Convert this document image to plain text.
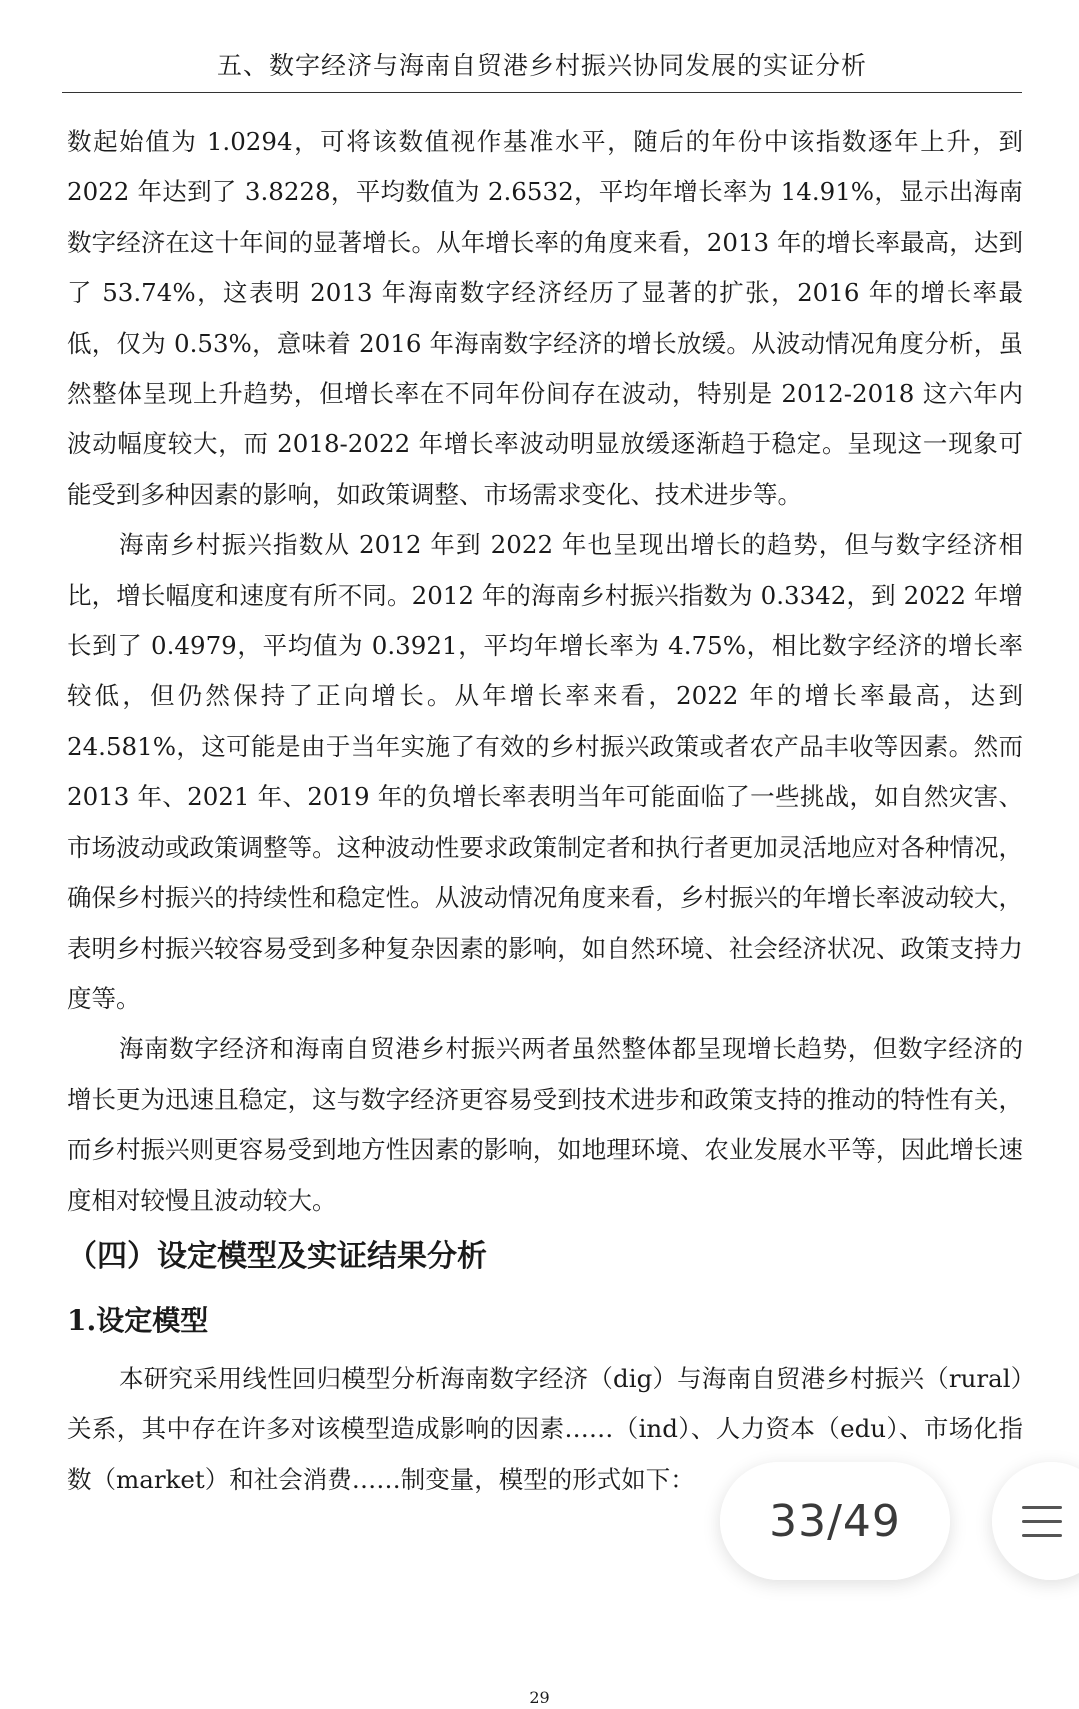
五、数字经济与海南自贸港乡村振兴协同发展的实证分析

数起始值为 1.0294，可将该数值视作基准水平，随后的年份中该指数逐年上升，到 2022 年达到了 3.8228，平均数值为 2.6532，平均年增长率为 14.91%，显示出海南数字经济在这十年间的显著增长。从年增长率的角度来看，2013 年的增长率最高，达到了 53.74%，这表明 2013 年海南数字经济经历了显著的扩张，2016 年的增长率最低，仅为 0.53%，意味着 2016 年海南数字经济的增长放缓。从波动情况角度分析，虽然整体呈现上升趋势，但增长率在不同年份间存在波动，特别是 2012-2018 这六年内波动幅度较大，而 2018-2022 年增长率波动明显放缓逐渐趋于稳定。呈现这一现象可能受到多种因素的影响，如政策调整、市场需求变化、技术进步等。

海南乡村振兴指数从 2012 年到 2022 年也呈现出增长的趋势，但与数字经济相比，增长幅度和速度有所不同。2012 年的海南乡村振兴指数为 0.3342，到 2022 年增长到了 0.4979，平均值为 0.3921，平均年增长率为 4.75%，相比数字经济的增长率较低，但仍然保持了正向增长。从年增长率来看，2022 年的增长率最高，达到 24.581%，这可能是由于当年实施了有效的乡村振兴政策或者农产品丰收等因素。然而 2013 年、2021 年、2019 年的负增长率表明当年可能面临了一些挑战，如自然灾害、市场波动或政策调整等。这种波动性要求政策制定者和执行者更加灵活地应对各种情况，确保乡村振兴的持续性和稳定性。从波动情况角度来看，乡村振兴的年增长率波动较大，表明乡村振兴较容易受到多种复杂因素的影响，如自然环境、社会经济状况、政策支持力度等。

海南数字经济和海南自贸港乡村振兴两者虽然整体都呈现增长趋势，但数字经济的增长更为迅速且稳定，这与数字经济更容易受到技术进步和政策支持的推动的特性有关，而乡村振兴则更容易受到地方性因素的影响，如地理环境、农业发展水平等，因此增长速度相对较慢且波动较大。

（四）设定模型及实证结果分析
1.设定模型

本研究采用线性回归模型分析海南数字经济（dig）与海南自贸港乡村振兴（rural）关系，其中存在许多对该模型造成影响的因素……（ind）、人力资本（edu）、市场化指数（market）和社会消费……制变量，模型的形式如下：

29
33/49
